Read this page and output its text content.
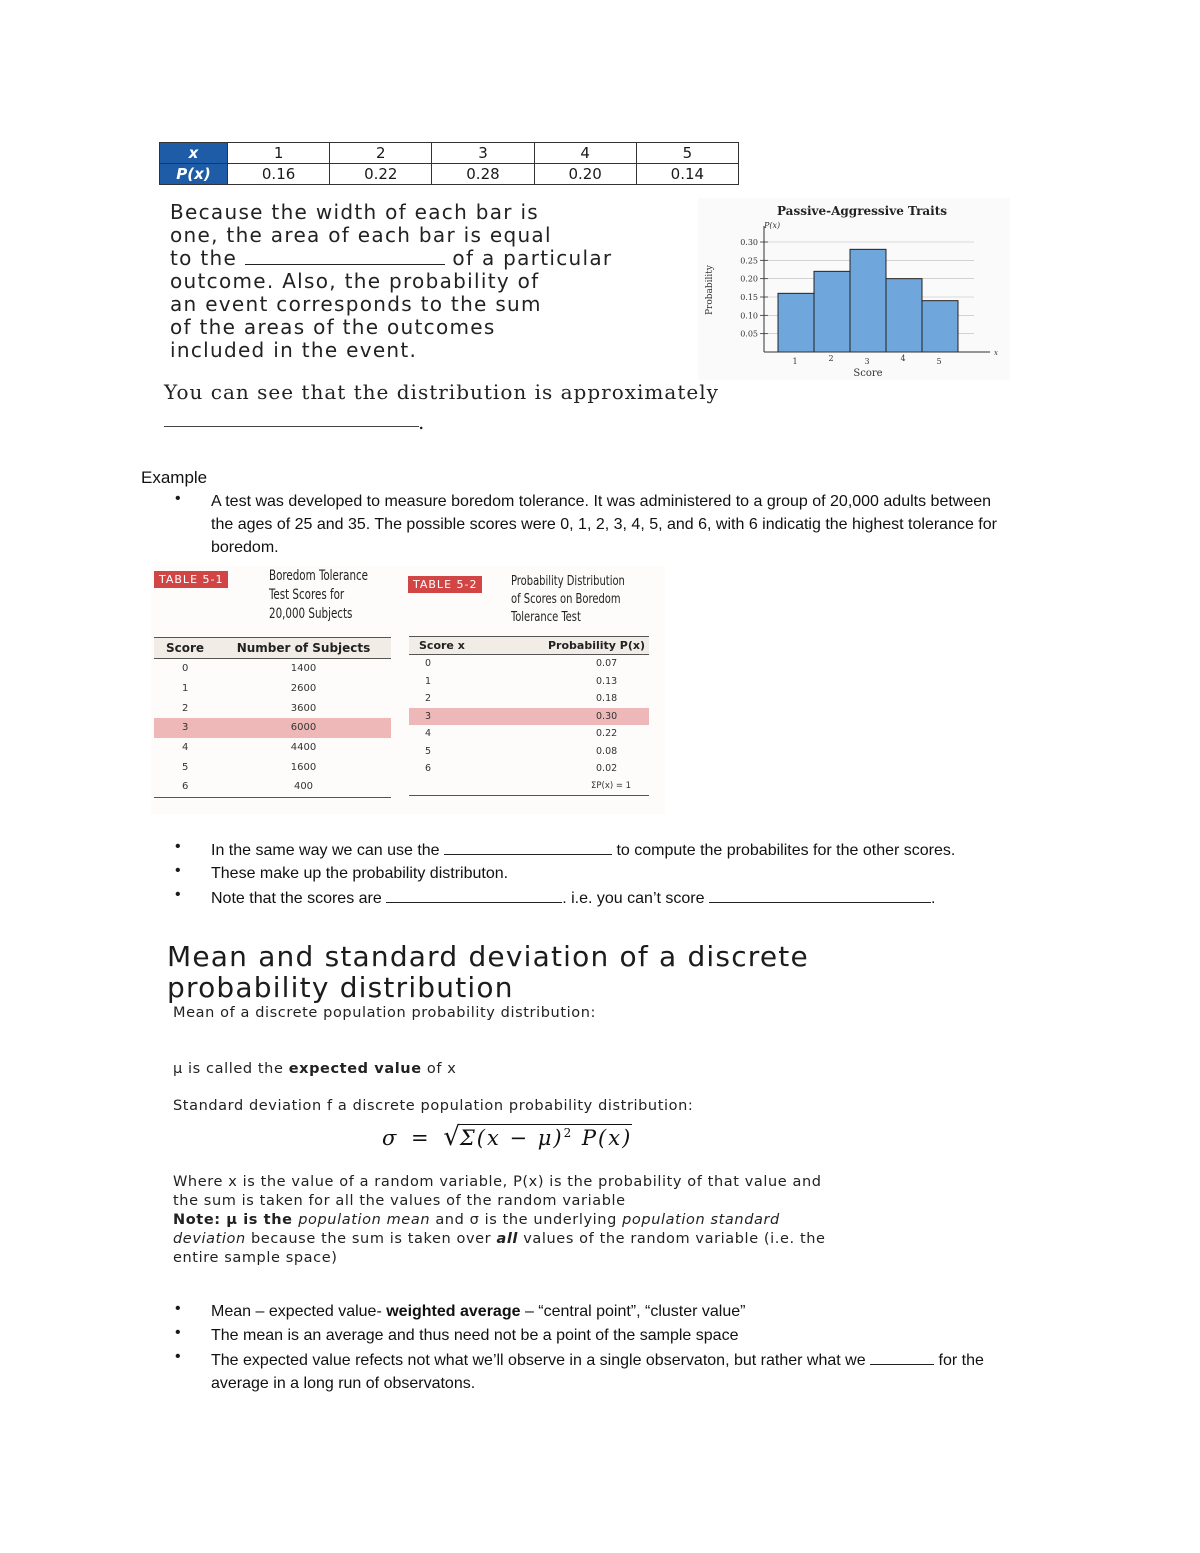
x	1	2	3	4	5
P(x)	0.16	0.22	0.28	0.20	0.14
Because the width of each bar is
one, the area of each bar is equal
to the	of a particular
outcome. Also, the probability of
an event corresponds to the sum
of the areas of the outcomes
included in the event.
Passive-Aggressive Traits
P(x)
Probability
Score
x
0.05
0.10
0.15
0.20
0.25
0.30
1	2	3	4	5
You can see that the distribution is approximately
.
Example
• A test was developed to measure boredom tolerance. It was administered to a group of 20,000 adults between
the ages of 25 and 35. The possible scores were 0, 1, 2, 3, 4, 5, and 6, with 6 indicatig the highest tolerance for
boredom.
TABLE 5-1	Boredom Tolerance
Test Scores for
20,000 Subjects
Score	Number of Subjects
0	1400
1	2600
2	3600
3	6000
4	4400
5	1600
6	400
TABLE 5-2	Probability Distribution
of Scores on Boredom
Tolerance Test
Score x	Probability P(x)
0	0.07
1	0.13
2	0.18
3	0.30
4	0.22
5	0.08
6	0.02
	ΣP(x) = 1
• In the same way we can use the	to compute the probabilites for the other scores.
• These make up the probability distributon.
• Note that the scores are	. i.e. you can’t score	.
Mean and standard deviation of a discrete
probability distribution
Mean of a discrete population probability distribution:
μ is called the expected value of x
Standard deviation f a discrete population probability distribution:
$\sigma = √\Sigma(x - \mu)^2$ P(x)
Where x is the value of a random variable, P(x) is the probability of that value and
the sum is taken for all the values of the random variable
Note: μ is the population mean and σ is the underlying population standard
deviation because the sum is taken over all values of the random variable (i.e. the
entire sample space)
• Mean – expected value- weighted average – “central point”, “cluster value”
• The mean is an average and thus need not be a point of the sample space
• The expected value refects not what we’ll observe in a single observaton, but rather what we	for the
average in a long run of observatons.
